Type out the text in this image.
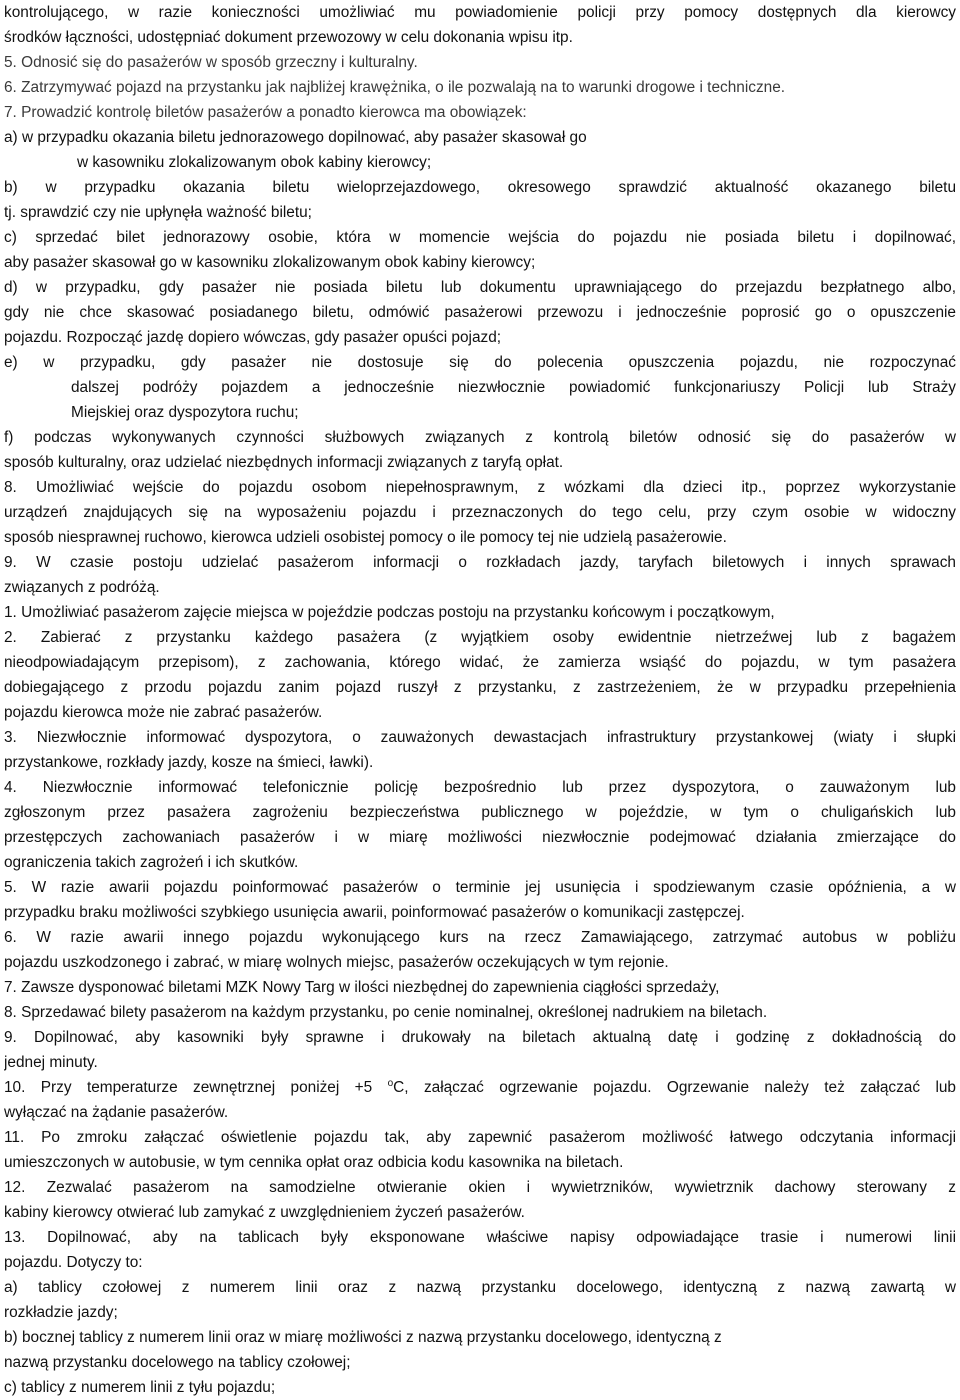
kontrolującego, w razie konieczności umożliwiać mu powiadomienie policji przy pomocy dostępnych dla kierowcy
środków łączności, udostępniać dokument przewozowy w celu dokonania wpisu itp.
5. Odnosić się do pasażerów w sposób grzeczny i kulturalny.
6. Zatrzymywać pojazd na przystanku jak najbliżej krawężnika, o ile pozwalają na to warunki drogowe i techniczne.
7. Prowadzić kontrolę biletów pasażerów a ponadto kierowca ma obowiązek:
a) w przypadku okazania biletu jednorazowego dopilnować, aby pasażer skasował go
w kasowniku zlokalizowanym obok kabiny kierowcy;
b) w przypadku okazania biletu wieloprzejazdowego, okresowego sprawdzić aktualność okazanego biletu
tj. sprawdzić czy nie upłynęła ważność biletu;
c) sprzedać bilet jednorazowy osobie, która w momencie wejścia do pojazdu nie posiada biletu i dopilnować,
aby pasażer skasował go w kasowniku zlokalizowanym obok kabiny kierowcy;
d) w przypadku, gdy pasażer nie posiada biletu lub dokumentu uprawniającego do przejazdu bezpłatnego albo,
gdy nie chce skasować posiadanego biletu, odmówić pasażerowi przewozu i jednocześnie poprosić go o opuszczenie
pojazdu. Rozpocząć jazdę dopiero wówczas, gdy pasażer opuści pojazd;
e) w przypadku, gdy pasażer nie dostosuje się do polecenia opuszczenia pojazdu, nie rozpoczynać
dalszej podróży pojazdem a jednocześnie niezwłocznie powiadomić funkcjonariuszy Policji lub Straży
Miejskiej oraz dyspozytora ruchu;
f) podczas wykonywanych czynności służbowych związanych z kontrolą biletów odnosić się do pasażerów w
sposób kulturalny, oraz udzielać niezbędnych informacji związanych z taryfą opłat.
8. Umożliwiać wejście do pojazdu osobom niepełnosprawnym, z wózkami dla dzieci itp., poprzez wykorzystanie
urządzeń znajdujących się na wyposażeniu pojazdu i przeznaczonych do tego celu, przy czym osobie w widoczny
sposób niesprawnej ruchowo, kierowca udzieli osobistej pomocy o ile pomocy tej nie udzielą pasażerowie.
9. W czasie postoju udzielać pasażerom informacji o rozkładach jazdy, taryfach biletowych i innych sprawach
związanych z podróżą.
1. Umożliwiać pasażerom zajęcie miejsca w pojeździe podczas postoju na przystanku końcowym i początkowym,
2. Zabierać z przystanku każdego pasażera (z wyjątkiem osoby ewidentnie nietrzeźwej lub z bagażem
nieodpowiadającym przepisom), z zachowania, którego widać, że zamierza wsiąść do pojazdu, w tym pasażera
dobiegającego z przodu pojazdu zanim pojazd ruszył z przystanku, z zastrzeżeniem, że w przypadku przepełnienia
pojazdu kierowca może nie zabrać pasażerów.
3. Niezwłocznie informować dyspozytora, o zauważonych dewastacjach infrastruktury przystankowej (wiaty i słupki
przystankowe, rozkłady jazdy, kosze na śmieci, ławki).
4. Niezwłocznie informować telefonicznie policję bezpośrednio lub przez dyspozytora, o zauważonym lub
zgłoszonym przez pasażera zagrożeniu bezpieczeństwa publicznego w pojeździe, w tym o chuligańskich lub
przestępczych zachowaniach pasażerów i w miarę możliwości niezwłocznie podejmować działania zmierzające do
ograniczenia takich zagrożeń i ich skutków.
5. W razie awarii pojazdu poinformować pasażerów o terminie jej usunięcia i spodziewanym czasie opóźnienia, a w
przypadku braku możliwości szybkiego usunięcia awarii, poinformować pasażerów o komunikacji zastępczej.
6. W razie awarii innego pojazdu wykonującego kurs na rzecz Zamawiającego, zatrzymać autobus w pobliżu
pojazdu uszkodzonego i zabrać, w miarę wolnych miejsc, pasażerów oczekujących w tym rejonie.
7. Zawsze dysponować biletami MZK Nowy Targ w ilości niezbędnej do zapewnienia ciągłości sprzedaży,
8. Sprzedawać bilety pasażerom na każdym przystanku, po cenie nominalnej, określonej nadrukiem na biletach.
9. Dopilnować, aby kasowniki były sprawne i drukowały na biletach aktualną datę i godzinę z dokładnością do
jednej minuty.
10. Przy temperaturze zewnętrznej poniżej +5 $^o$C, załączać ogrzewanie pojazdu. Ogrzewanie należy też załączać lub
wyłączać na żądanie pasażerów.
11. Po zmroku załączać oświetlenie pojazdu tak, aby zapewnić pasażerom możliwość łatwego odczytania informacji
umieszczonych w autobusie, w tym cennika opłat oraz odbicia kodu kasownika na biletach.
12. Zezwalać pasażerom na samodzielne otwieranie okien i wywietrzników, wywietrznik dachowy sterowany z
kabiny kierowcy otwierać lub zamykać z uwzględnieniem życzeń pasażerów.
13. Dopilnować, aby na tablicach były eksponowane właściwe napisy odpowiadające trasie i numerowi linii
pojazdu. Dotyczy to:
a) tablicy czołowej z numerem linii oraz z nazwą przystanku docelowego, identyczną z nazwą zawartą w
rozkładzie jazdy;
b) bocznej tablicy z numerem linii oraz w miarę możliwości z nazwą przystanku docelowego, identyczną z
nazwą przystanku docelowego na tablicy czołowej;
c) tablicy z numerem linii z tyłu pojazdu;
